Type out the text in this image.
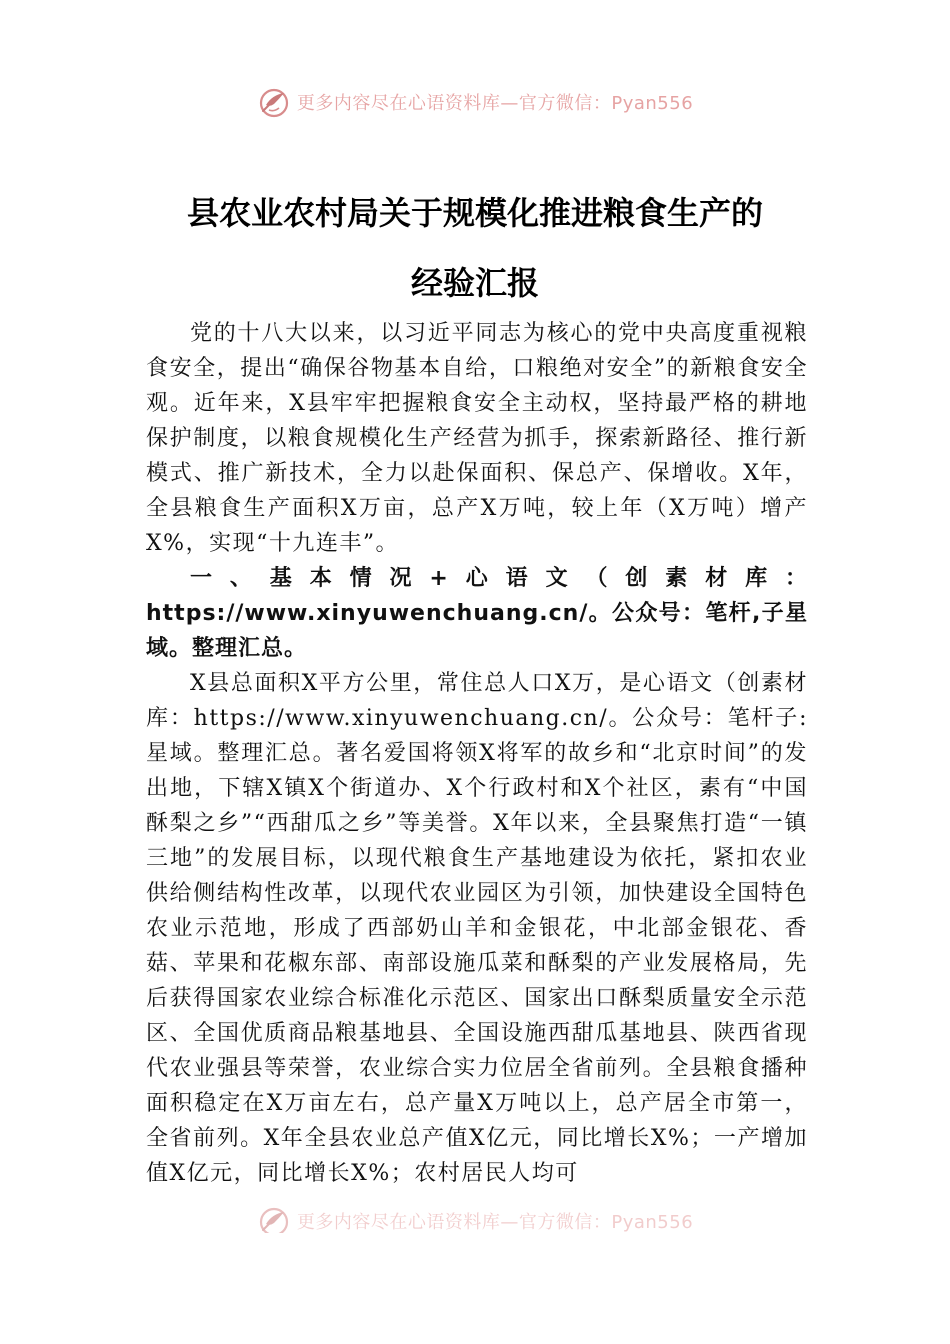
更多内容尽在心语资料库—官方微信：Pyan556
县农业农村局关于规模化推进粮食生产的
经验汇报

党的十八大以来，以习近平同志为核心的党中央高度重视粮食安全，提出“确保谷物基本自给，口粮绝对安全”的新粮食安全观。近年来，X县牢牢把握粮食安全主动权，坚持最严格的耕地保护制度，以粮食规模化生产经营为抓手，探索新路径、推行新模式、推广新技术，全力以赴保面积、保总产、保增收。X年，全县粮食生产面积X万亩，总产X万吨，较上年（X万吨）增产X%，实现“十九连丰”。

一、基本情况+心语文（创素材库：https://www.xinyuwenchuang.cn/。公众号：笔杆,子星域。整理汇总。

X县总面积X平方公里，常住总人口X万，是心语文（创素材库：https://www.xinyuwenchuang.cn/。公众号：笔杆子:星域。整理汇总。著名爱国将领X将军的故乡和“北京时间”的发出地，下辖X镇X个街道办、X个行政村和X个社区，素有“中国酥梨之乡”“西甜瓜之乡”等美誉。X年以来，全县聚焦打造“一镇三地”的发展目标，以现代粮食生产基地建设为依托，紧扣农业供给侧结构性改革，以现代农业园区为引领，加快建设全国特色农业示范地，形成了西部奶山羊和金银花，中北部金银花、香菇、苹果和花椒东部、南部设施瓜菜和酥梨的产业发展格局，先后获得国家农业综合标准化示范区、国家出口酥梨质量安全示范区、全国优质商品粮基地县、全国设施西甜瓜基地县、陕西省现代农业强县等荣誉，农业综合实力位居全省前列。全县粮食播种面积稳定在X万亩左右，总产量X万吨以上，总产居全市第一，全省前列。X年全县农业总产值X亿元，同比增长X%；一产增加值X亿元，同比增长X%；农村居民人均可

更多内容尽在心语资料库—官方微信：Pyan556
